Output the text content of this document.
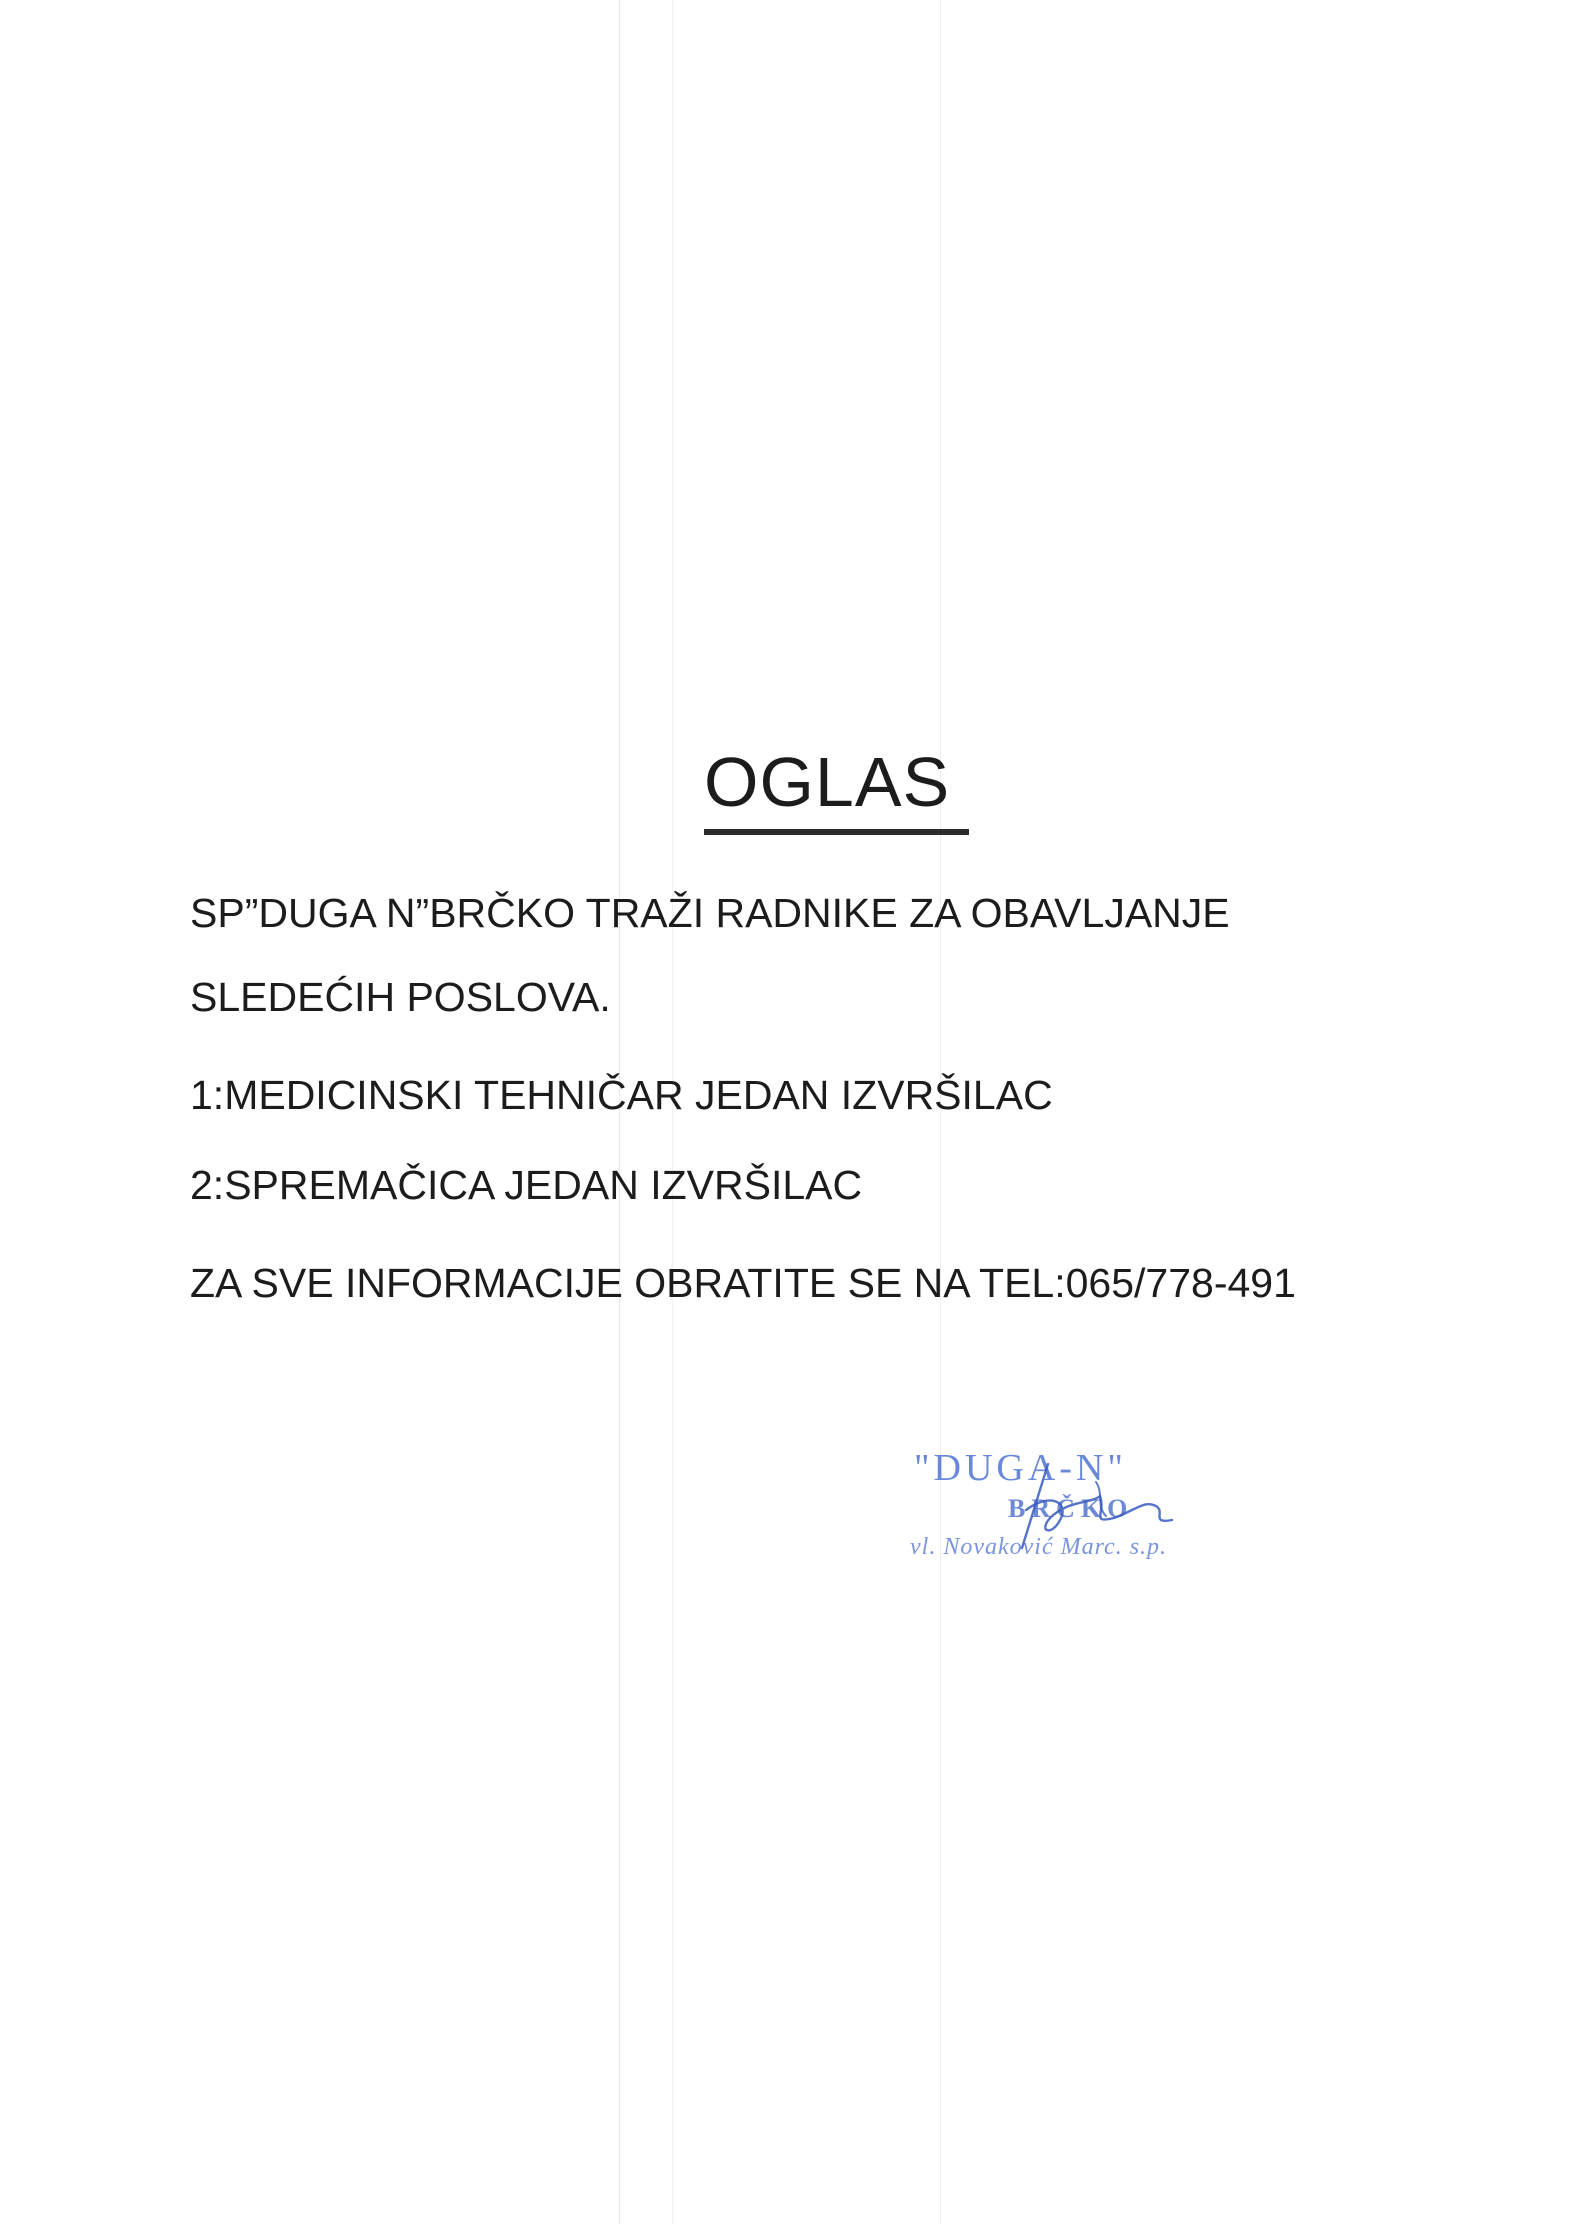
OGLAS

SP”DUGA N”BRČKO TRAŽI RADNIKE ZA OBAVLJANJE

SLEDEĆIH POSLOVA.

1:MEDICINSKI TEHNIČAR JEDAN IZVRŠILAC

2:SPREMAČICA JEDAN IZVRŠILAC

ZA SVE INFORMACIJE OBRATITE SE NA TEL:065/778-491

"DUGA-N"
BRČKO
vl. Novaković Marc. s.p.
